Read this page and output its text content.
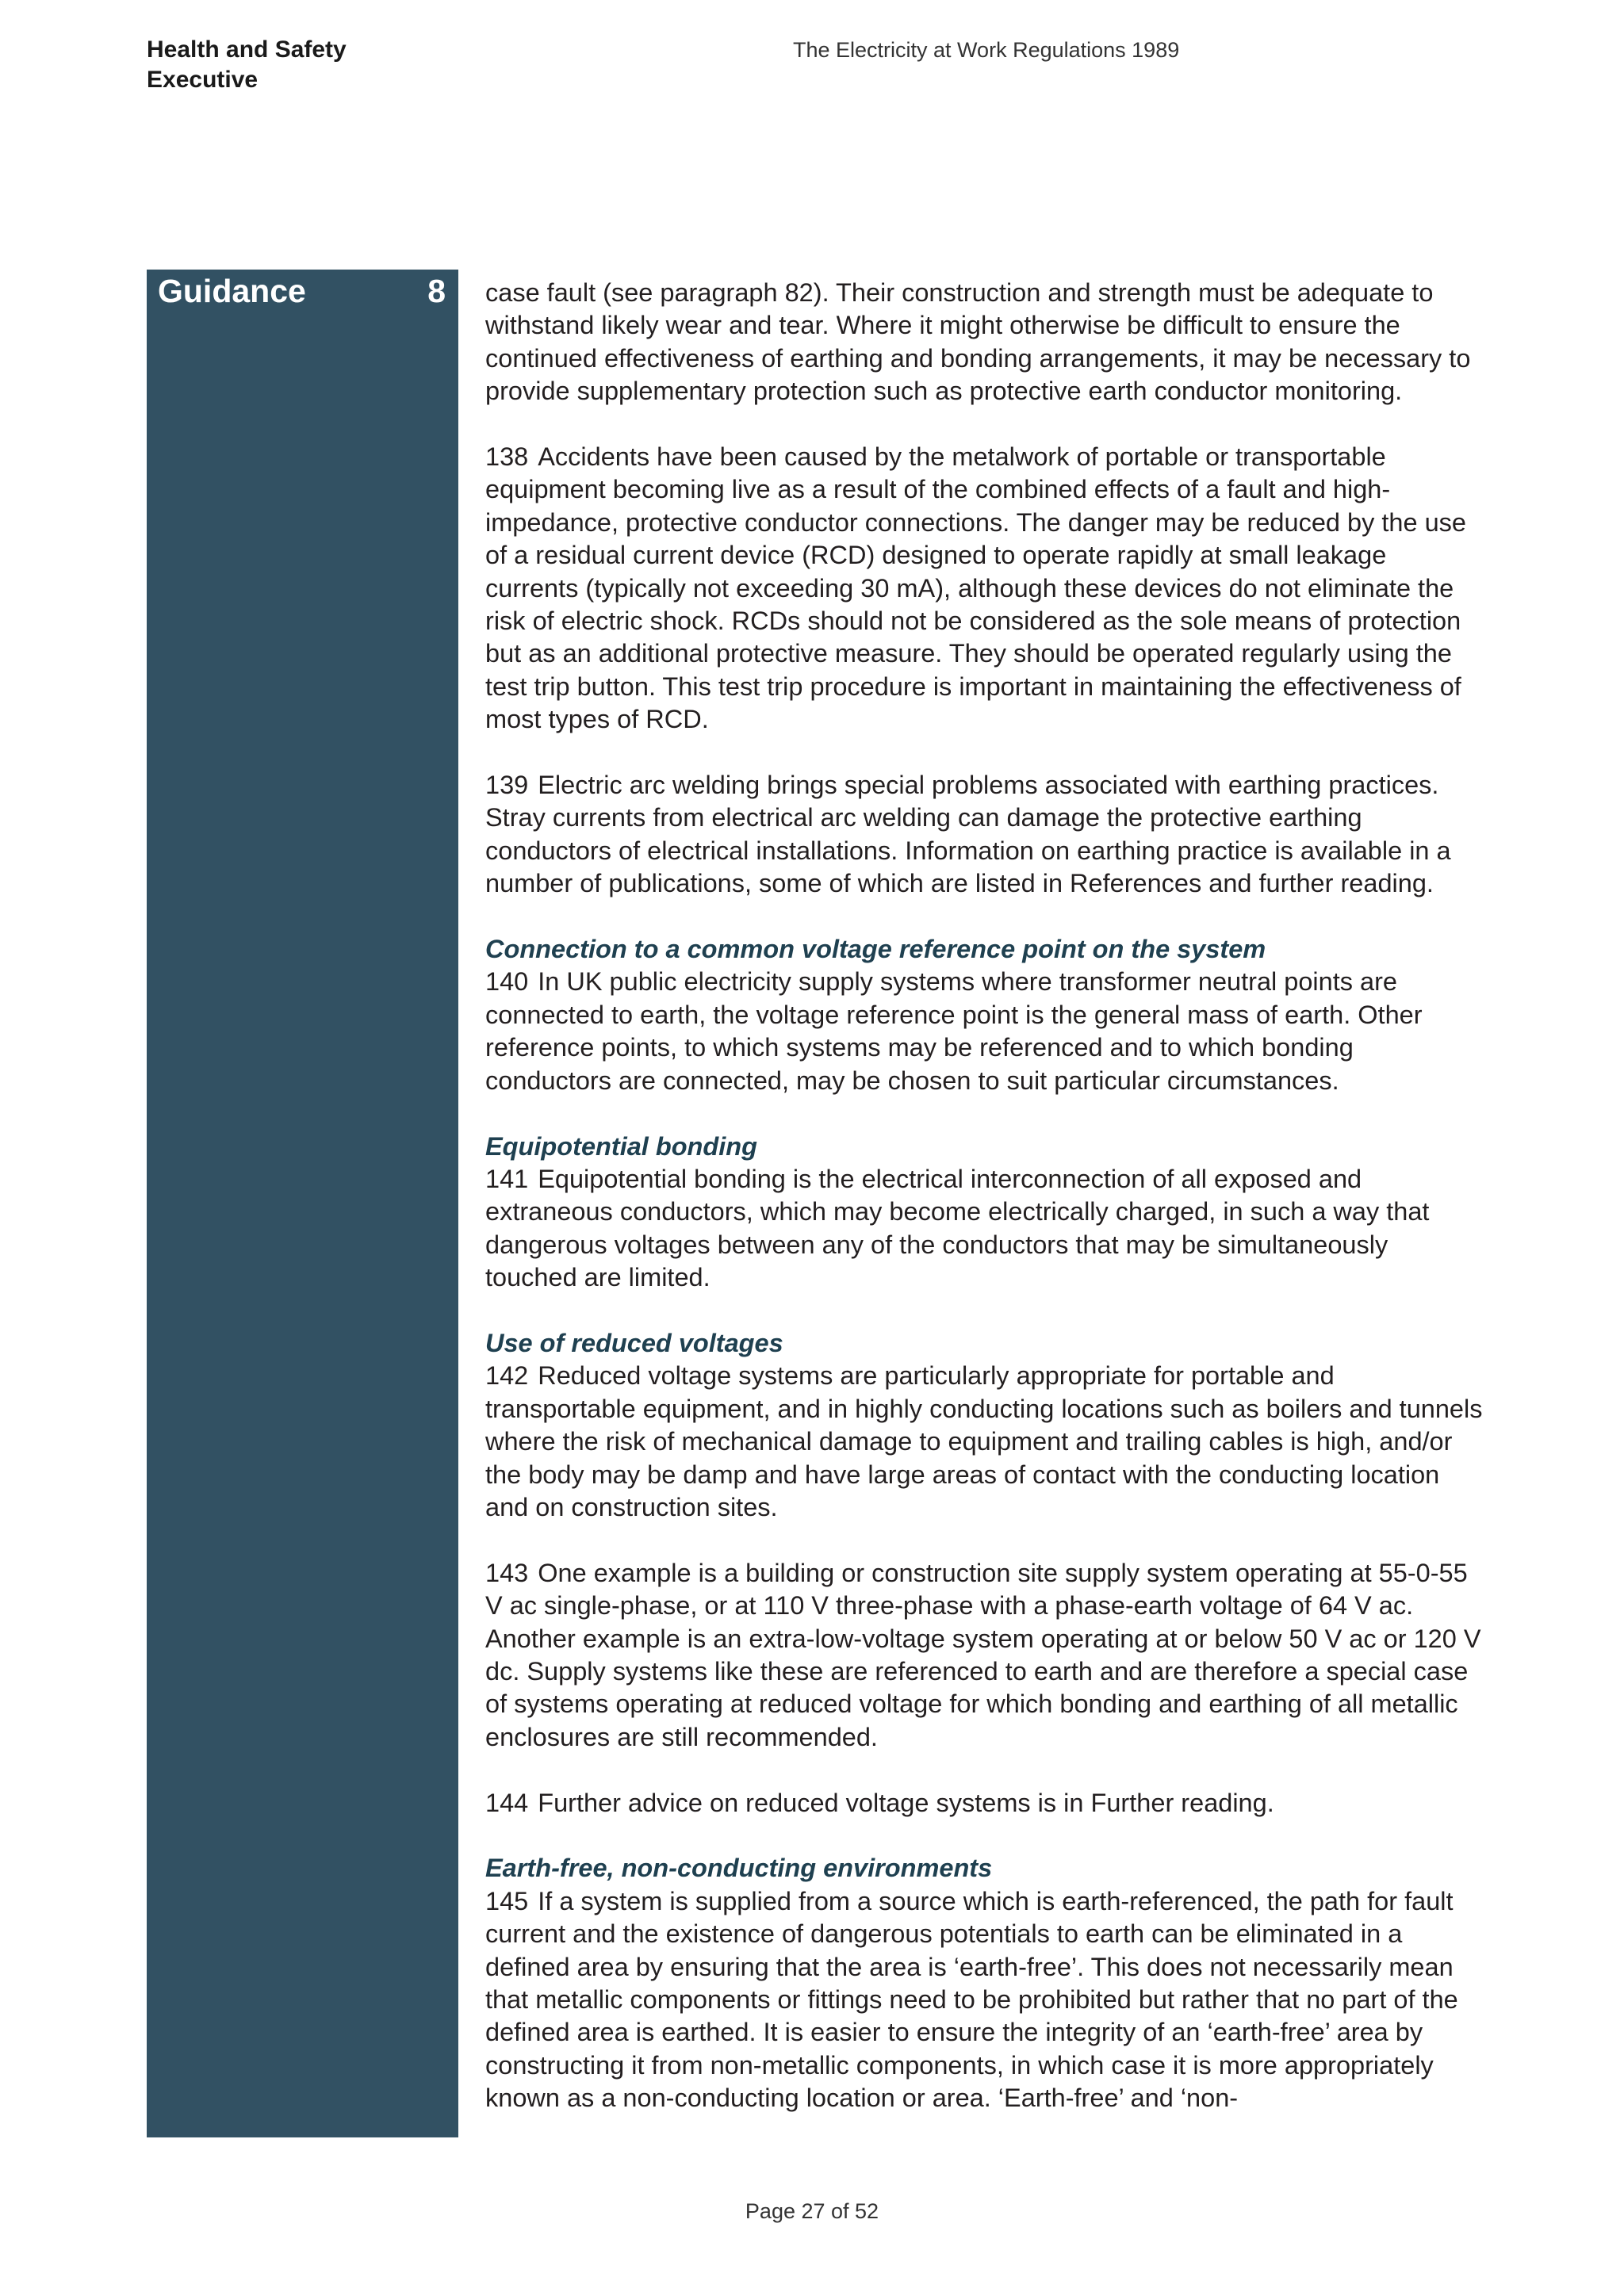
Health and Safety
Executive
The Electricity at Work Regulations 1989
Guidance	8 case fault (see paragraph 82). Their construction and strength must be adequate to withstand likely wear and tear. Where it might otherwise be difficult to ensure the continued effectiveness of earthing and bonding arrangements, it may be necessary to provide supplementary protection such as protective earth conductor monitoring.

138 Accidents have been caused by the metalwork of portable or transportable equipment becoming live as a result of the combined effects of a fault and high-impedance, protective conductor connections. The danger may be reduced by the use of a residual current device (RCD) designed to operate rapidly at small leakage currents (typically not exceeding 30 mA), although these devices do not eliminate the risk of electric shock. RCDs should not be considered as the sole means of protection but as an additional protective measure. They should be operated regularly using the test trip button. This test trip procedure is important in maintaining the effectiveness of most types of RCD.

139 Electric arc welding brings special problems associated with earthing practices. Stray currents from electrical arc welding can damage the protective earthing conductors of electrical installations. Information on earthing practice is available in a number of publications, some of which are listed in References and further reading.

Connection to a common voltage reference point on the system

140 In UK public electricity supply systems where transformer neutral points are connected to earth, the voltage reference point is the general mass of earth. Other reference points, to which systems may be referenced and to which bonding conductors are connected, may be chosen to suit particular circumstances.

Equipotential bonding

141 Equipotential bonding is the electrical interconnection of all exposed and extraneous conductors, which may become electrically charged, in such a way that dangerous voltages between any of the conductors that may be simultaneously touched are limited.

Use of reduced voltages

142 Reduced voltage systems are particularly appropriate for portable and transportable equipment, and in highly conducting locations such as boilers and tunnels where the risk of mechanical damage to equipment and trailing cables is high, and/or the body may be damp and have large areas of contact with the conducting location and on construction sites.

143 One example is a building or construction site supply system operating at 55-0-55 V ac single-phase, or at 110 V three-phase with a phase-earth voltage of 64 V ac. Another example is an extra-low-voltage system operating at or below 50 V ac or 120 V dc. Supply systems like these are referenced to earth and are therefore a special case of systems operating at reduced voltage for which bonding and earthing of all metallic enclosures are still recommended.

144 Further advice on reduced voltage systems is in Further reading.

Earth-free, non-conducting environments

145 If a system is supplied from a source which is earth-referenced, the path for fault current and the existence of dangerous potentials to earth can be eliminated in a defined area by ensuring that the area is ‘earth-free’. This does not necessarily mean that metallic components or fittings need to be prohibited but rather that no part of the defined area is earthed. It is easier to ensure the integrity of an ‘earth-free’ area by constructing it from non-metallic components, in which case it is more appropriately known as a non-conducting location or area. ‘Earth-free’ and ‘non-

Page 27 of 52
